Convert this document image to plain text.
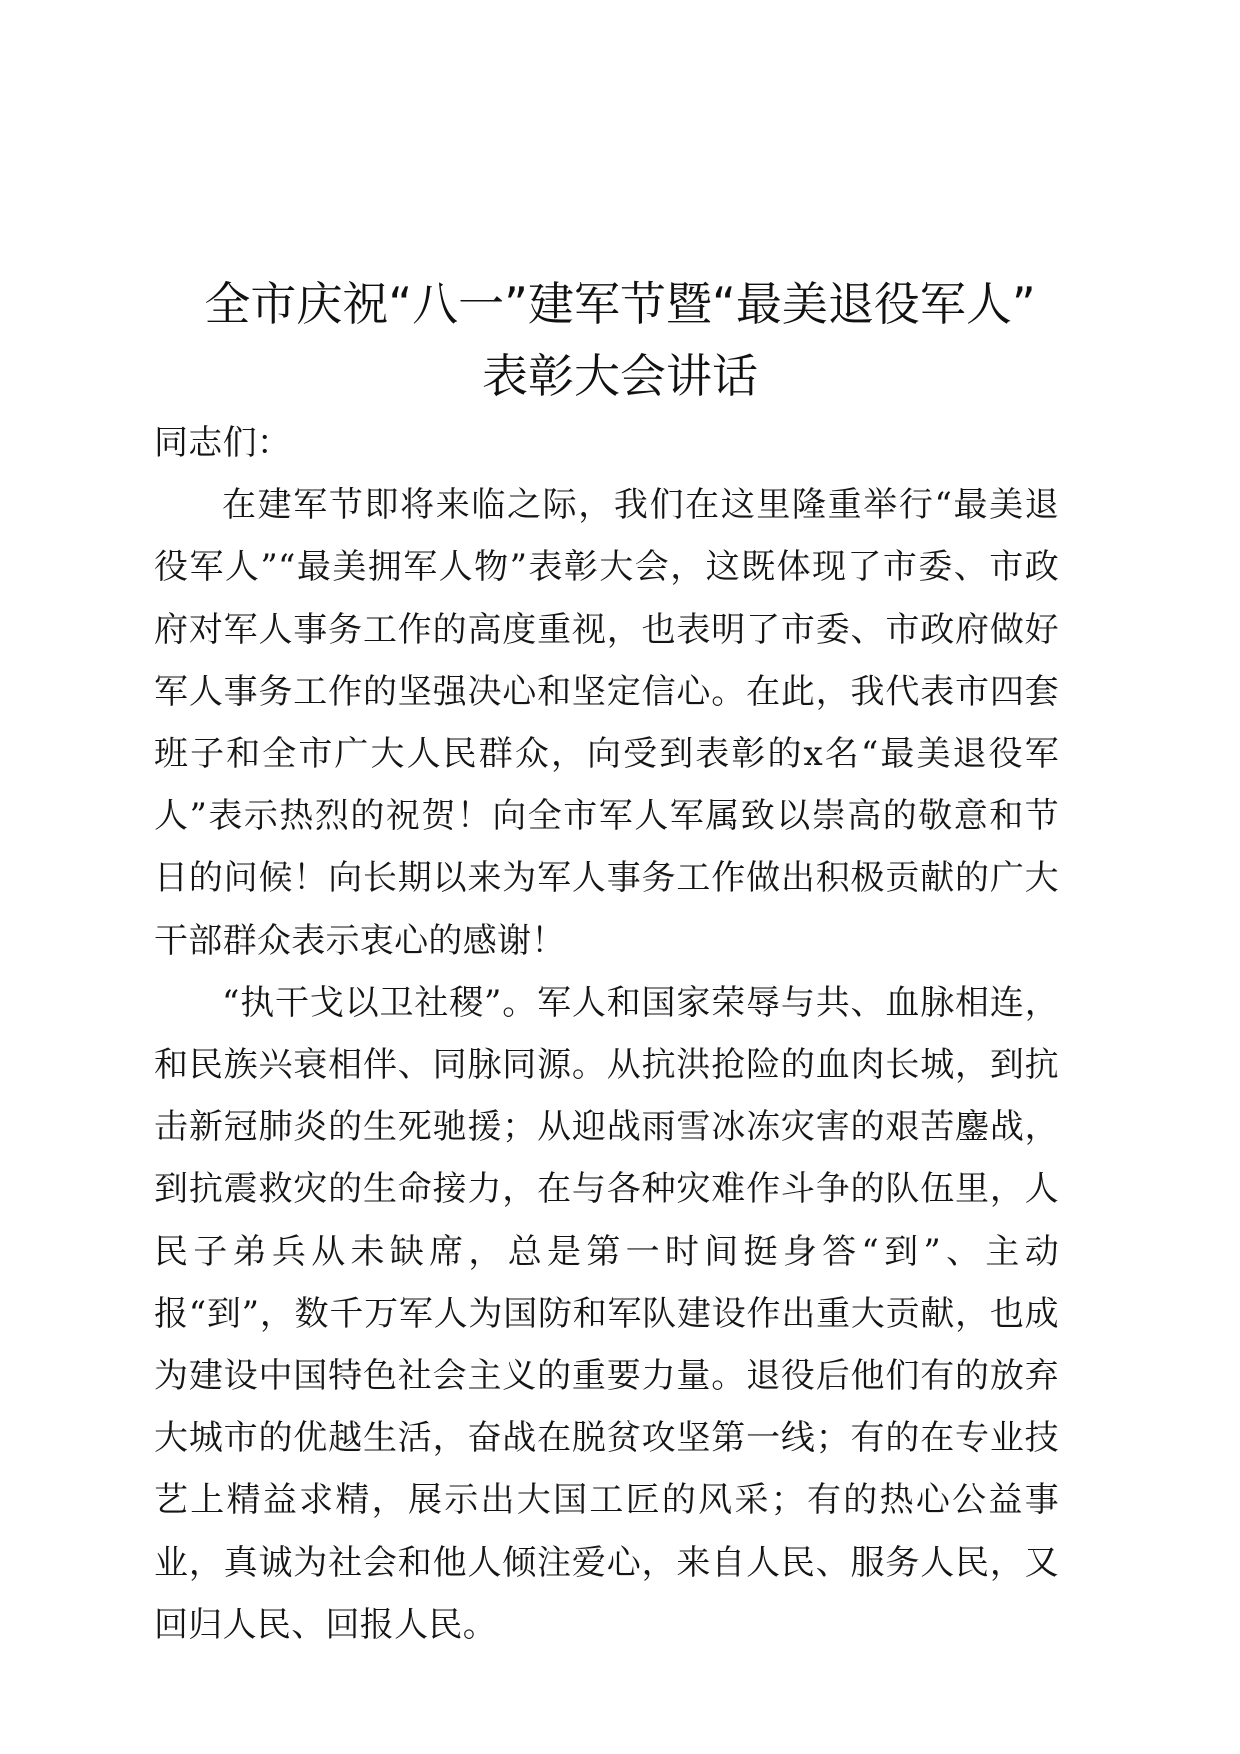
全市庆祝“八一”建军节暨“最美退役军人”
表彰大会讲话

同志们：

在建军节即将来临之际，我们在这里隆重举行“最美退役军人”“最美拥军人物”表彰大会，这既体现了市委、市政府对军人事务工作的高度重视，也表明了市委、市政府做好军人事务工作的坚强决心和坚定信心。在此，我代表市四套班子和全市广大人民群众，向受到表彰的x名“最美退役军人”表示热烈的祝贺！向全市军人军属致以崇高的敬意和节日的问候！向长期以来为军人事务工作做出积极贡献的广大干部群众表示衷心的感谢！

“执干戈以卫社稷”。军人和国家荣辱与共、血脉相连，和民族兴衰相伴、同脉同源。从抗洪抢险的血肉长城，到抗击新冠肺炎的生死驰援；从迎战雨雪冰冻灾害的艰苦鏖战，到抗震救灾的生命接力，在与各种灾难作斗争的队伍里，人民子弟兵从未缺席，总是第一时间挺身答“到”、主动报“到”，数千万军人为国防和军队建设作出重大贡献，也成为建设中国特色社会主义的重要力量。退役后他们有的放弃大城市的优越生活，奋战在脱贫攻坚第一线；有的在专业技艺上精益求精，展示出大国工匠的风采；有的热心公益事业，真诚为社会和他人倾注爱心，来自人民、服务人民，又回归人民、回报人民。
